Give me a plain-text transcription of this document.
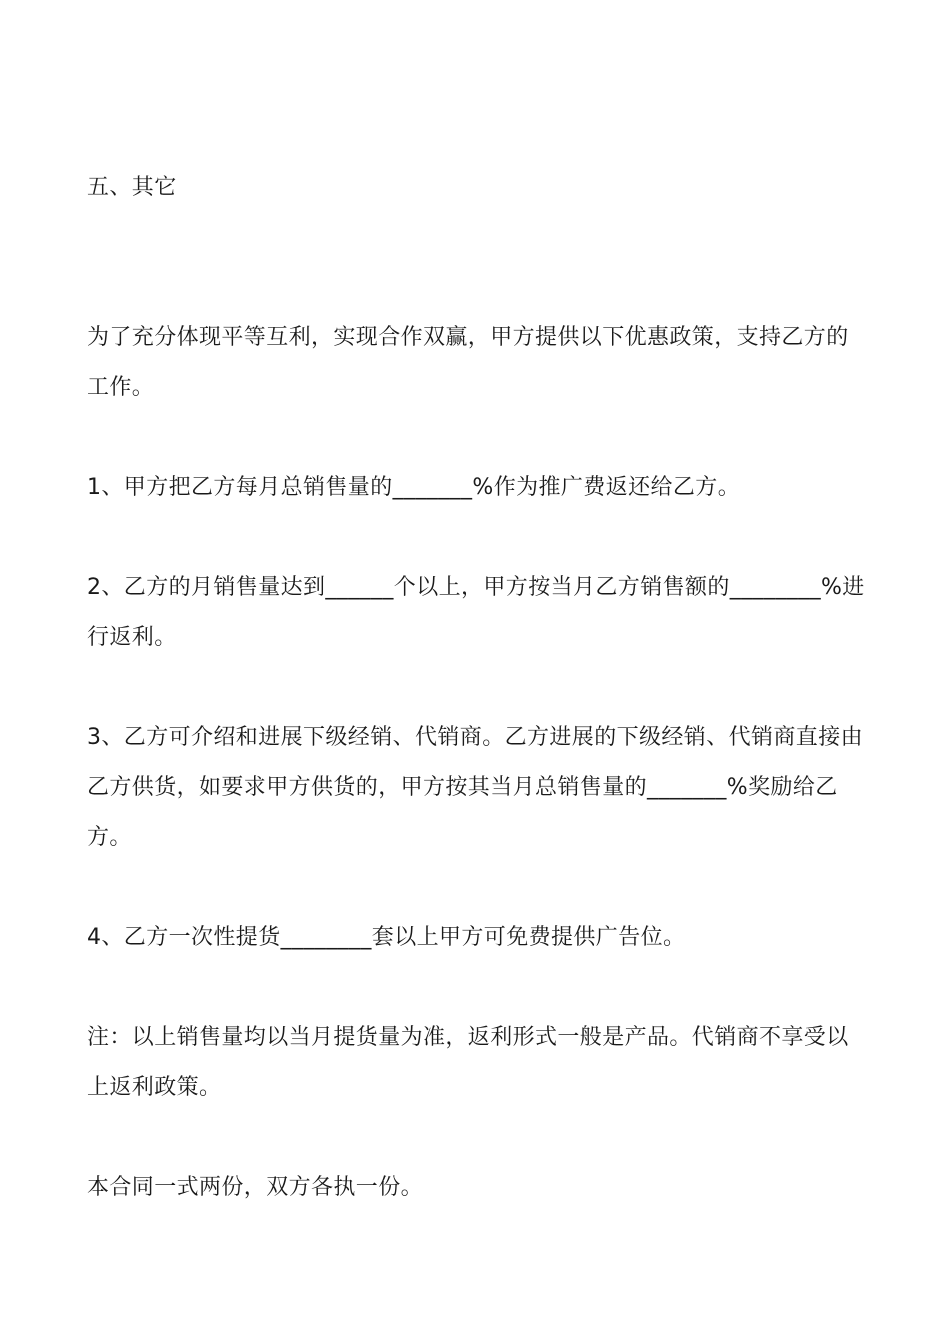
五、其它

为了充分体现平等互利，实现合作双赢，甲方提供以下优惠政策，支持乙方的工作。

1、甲方把乙方每月总销售量的_______%作为推广费返还给乙方。

2、乙方的月销售量达到______个以上，甲方按当月乙方销售额的________%进行返利。

3、乙方可介绍和进展下级经销、代销商。乙方进展的下级经销、代销商直接由乙方供货，如要求甲方供货的，甲方按其当月总销售量的_______%奖励给乙方。

4、乙方一次性提货________套以上甲方可免费提供广告位。

注：以上销售量均以当月提货量为准，返利形式一般是产品。代销商不享受以上返利政策。

本合同一式两份，双方各执一份。
